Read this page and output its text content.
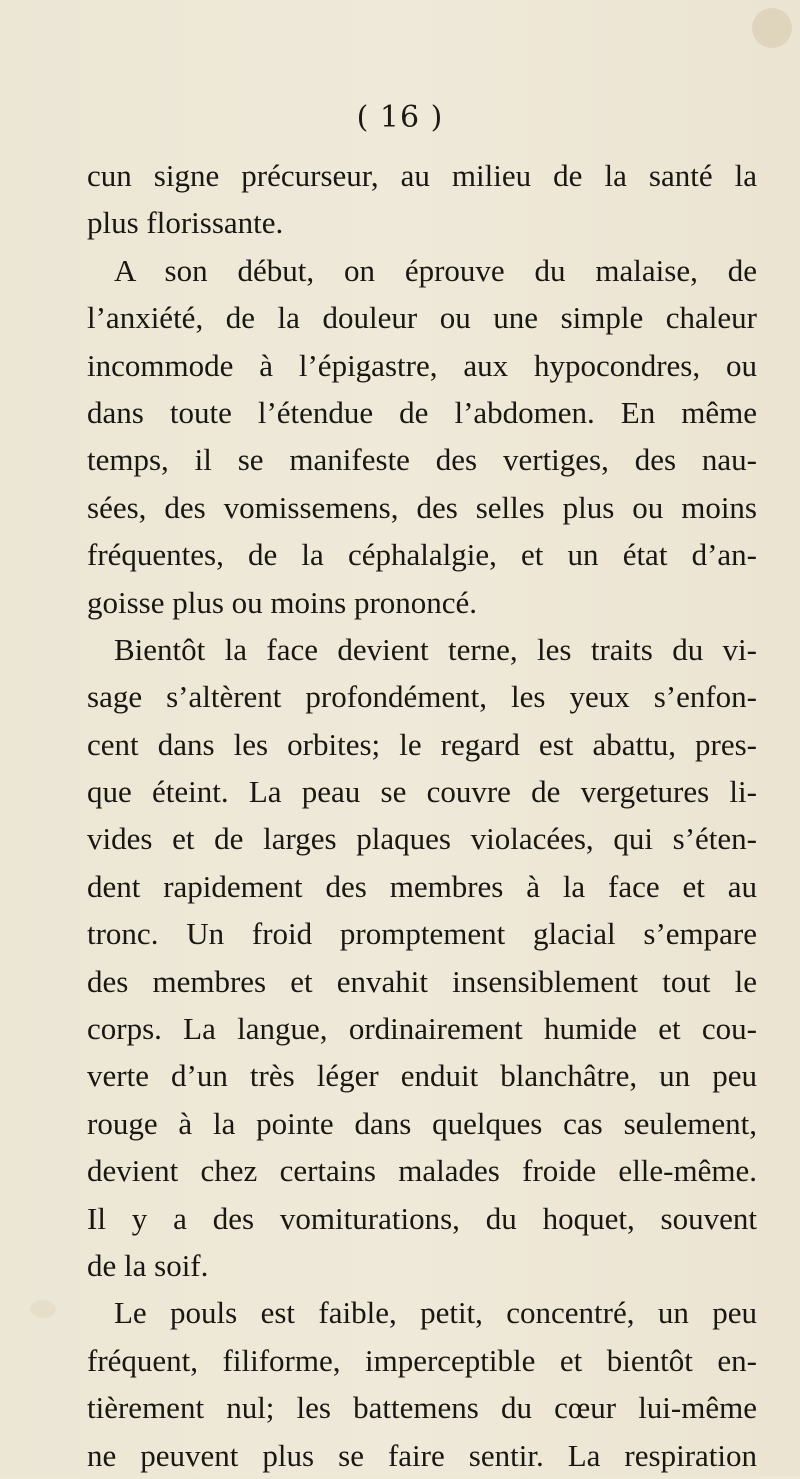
( 16 )
cun signe précurseur, au milieu de la santé la
plus florissante.
A son début, on éprouve du malaise, de
l’anxiété, de la douleur ou une simple chaleur
incommode à l’épigastre, aux hypocondres, ou
dans toute l’étendue de l’abdomen. En même
temps, il se manifeste des vertiges, des nau-
sées, des vomissemens, des selles plus ou moins
fréquentes, de la céphalalgie, et un état d’an-
goisse plus ou moins prononcé.
Bientôt la face devient terne, les traits du vi-
sage s’altèrent profondément, les yeux s’enfon-
cent dans les orbites; le regard est abattu, pres-
que éteint. La peau se couvre de vergetures li-
vides et de larges plaques violacées, qui s’éten-
dent rapidement des membres à la face et au
tronc. Un froid promptement glacial s’empare
des membres et envahit insensiblement tout le
corps. La langue, ordinairement humide et cou-
verte d’un très léger enduit blanchâtre, un peu
rouge à la pointe dans quelques cas seulement,
devient chez certains malades froide elle-même.
Il y a des vomiturations, du hoquet, souvent
de la soif.
Le pouls est faible, petit, concentré, un peu
fréquent, filiforme, imperceptible et bientôt en-
tièrement nul; les battemens du cœur lui-même
ne peuvent plus se faire sentir. La respiration
